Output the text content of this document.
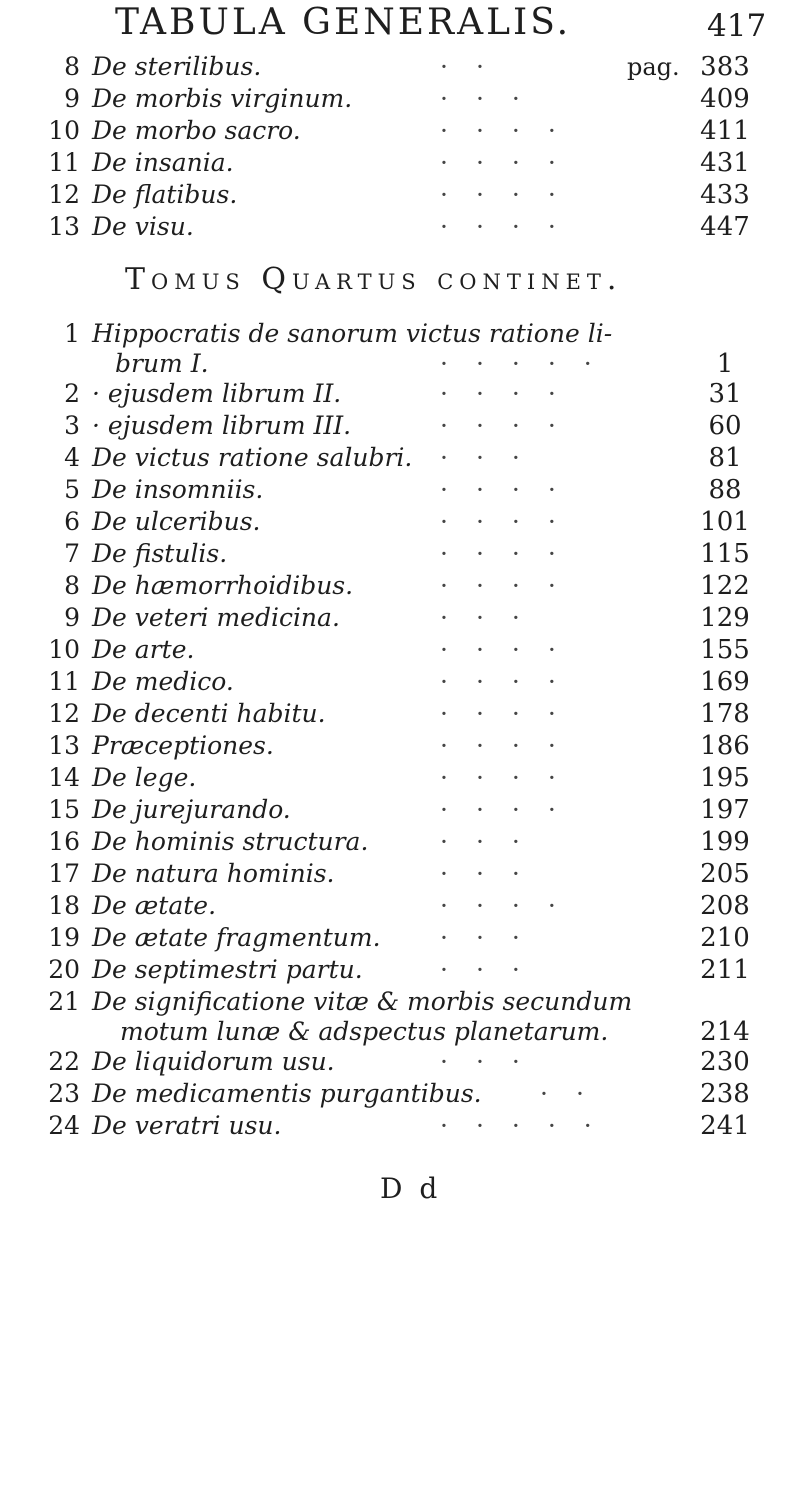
TABULA GENERALIS.	417
8 De sterilibus.	··	pag. 383
9 De morbis virginum.	···	409
10 De morbo sacro.	····	411
11 De insania.	····	431
12 De flatibus.	····	433
13 De visu.	····	447
Tomus Quartus continet.
1 Hippocratis de sanorum victus ratione li-
brum I.	·····	1
2 · ejusdem librum II.	····	31
3 · ejusdem librum III.	····	60
4 De victus ratione salubri. ···	81
5 De insomniis.	····	88
6 De ulceribus.	····	101
7 De fistulis.	····	115
8 De hæmorrhoidibus.	····	122
9 De veteri medicina.	···	129
10 De arte.	····	155
11 De medico.	····	169
12 De decenti habitu.	····	178
13 Præceptiones.	····	186
14 De lege.	····	195
15 De jurejurando.	····	197
16 De hominis structura.	···	199
17 De natura hominis.	···	205
18 De ætate.	····	208
19 De ætate fragmentum. ···	210
20 De septimestri partu.	···	211
21 De significatione vitæ & morbis secundum
motum lunæ & adspectus planetarum.	214
22 De liquidorum usu.	···	230
23 De medicamentis purgantibus. ··	238
24 De veratri usu.	·····	241
D d
